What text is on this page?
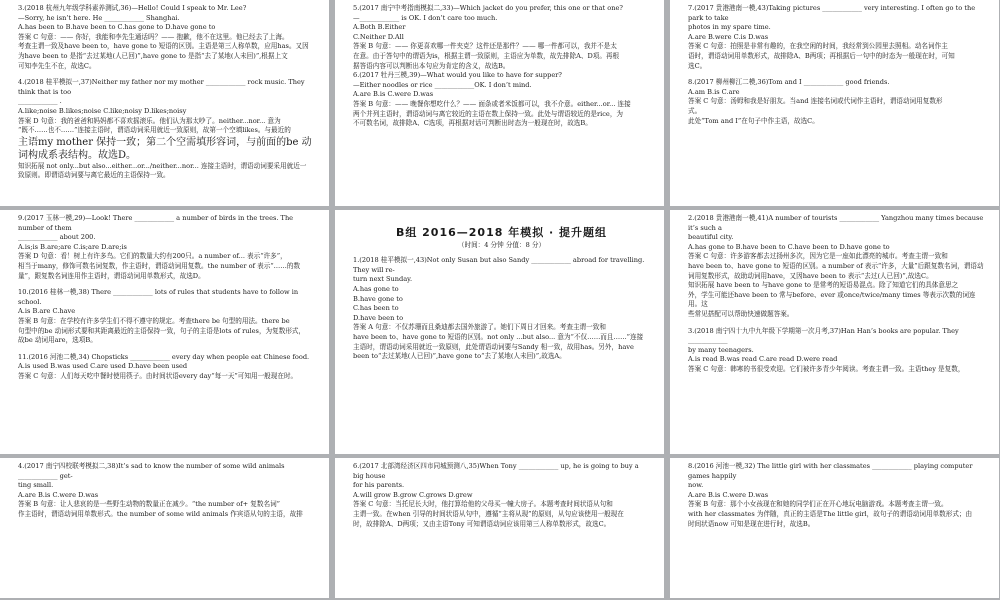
3.(2018 杭州九年级学科素养测试,36)—Hello! Could I speak to Mr. Lee?

—Sorry, he isn’t here. He ____________ Shanghai.

A.has been to B.have been to C.has gone to D.have gone to

答案 C 句意：—— 你好，我能和李先生通话吗？—— 抱歉，他不在这里。他已经去了上海。

考查主谓一致及have been to，have gone to 短语的区别。主语是第三人称单数，应用has。又因

为have been to 是指“去过某地(人已回)”,have gone to 是指“去了某地(人未回)”,根据上文

可知李先生不在，故选C。

4.(2018 桂平模拟一,37)Neither my father nor my mother ____________ rock music. They think that is too

____________ .

A.like;noise B.likes;noise C.like;noisy D.likes;noisy

答案 D 句意：我的爸爸和妈妈都不喜欢摇滚乐。他们认为那太吵了。neither...nor... 意为

“既不……也不……”连接主语时，谓语动词采用就近一致原则，故第一个空填likes。与最近的

主语my mother 保持一致；第二个空需填形容词，与前面的be 动词构成系表结构。故选D。

知识拓展 not only...but also...either...or.../neither...nor... 连接主语时，谓语动词要采用就近一

致原则。即谓语动词要与离它最近的主语保持一致。

5.(2017 南宁中考指南模拟二,33)—Which jacket do you prefer, this one or that one?

—____________ is OK. I don’t care too much.

A.Both B.Either

C.Neither D.All

答案 B 句意：—— 你更喜欢哪一件夹克？这件还是那件？—— 哪一件都可以，我并不是太

在意。由于答句中的谓语为is，根据主谓一致原则，主语应为单数，故先排除A、D项。再根

据答语内容可以判断出本句应为肯定的含义，故选B。

6.(2017 牡丹三模,39)—What would you like to have for supper?

—Either noodles or rice ____________OK. I don’t mind.

A.are B.is C.were D.was

答案 B 句意：—— 晚餐你想吃什么？—— 面条或者米饭都可以，我不介意。either...or... 连接

两个并列主语时，谓语动词与离它较近的主语在数上保持一致。此处与谓语较近的是rice，为

不可数名词，故排除A、C选项，再根据对话可判断出时态为一般现在时，故选B。

7.(2017 贵港港南一模,43)Taking pictures ____________ very interesting. I often go to the park to take

photos in my spare time.

A.are B.were C.is D.was

答案 C 句意：拍照是非常有趣的，在我空闲的时间，我经常到公园里去照相。动名词作主

语时，谓语动词用单数形式，故排除A、B两项；再根据后一句中的时态为一般现在时，可知

选C。

8.(2017 柳州柳江二模,36)Tom and I ____________ good friends.

A.am B.is C.are

答案 C 句意：汤姆和我是好朋友。当and 连接名词或代词作主语时，谓语动词用复数形

式。

此处“Tom and I”在句子中作主语，故选C。

9.(2017 玉林一模,29)—Look! There ____________ a number of birds in the trees. The number of them

____________ about 200.

A.is;is B.are;are C.is;are D.are;is

答案 D 句意：看！树上有许多鸟。它们的数量大约有200只。a number of... 表示“许多”，

相当于many，修饰可数名词复数，作主语时，谓语动词用复数。the number of 表示“……的数

量”，跟复数名词连用作主语时，谓语动词用单数形式，故选D。

10.(2016 桂林一模,38) There ____________ lots of rules that students have to follow in school.

A.is B.are C.have

答案 B 句意：在学校有许多学生们不得不遵守的规定。考查there be 句型的用法。there be

句型中的be 动词形式要和其距离最近的主语保持一致，句子的主语是lots of rules，为复数形式，

故be 动词用are，选项B。

11.(2016 河池二模,34) Chopsticks ____________ every day when people eat Chinese food.

A.is used B.was used C.are used D.have been used

答案 C 句意：人们每天吃中餐时使用筷子。由时间状语every day“每一天”可知用一般现在时。

B组 2016—2018 年模拟 · 提升题组
（时间：4 分钟 分值：8 分）

1.(2018 桂平模拟一,43)Not only Susan but also Sandy ____________ abroad for travelling. They will re-

turn next Sunday.

A.has gone to

B.have gone to

C.has been to

D.have been to

答案 A 句意：不仅苏珊而且桑迪都去国外旅游了。她们下周日才回来。考查主谓一致和

have been to、have gone to 短语的区别。not only ...but also... 意为“不仅……而且……”连接

主语时，谓语动词采用就近一致原则，此处谓语动词要与Sandy 相一致，故用has。另外，have

been to“去过某地(人已回)”,have gone to“去了某地(人未回)”,故选A。

2.(2018 贵港港南一模,41)A number of tourists ____________ Yangzhou many times because it’s such a

beautiful city.

A.has gone to B.have been to C.have been to D.have gone to

答案 C 句意：许多游客都去过扬州多次，因为它是一座如此漂亮的城市。考查主谓一致和

have been to、have gone to 短语的区别。a number of 表示“许多，大量”后跟复数名词，谓语动

词用复数形式，故助动词用have，又因have been to 表示“去过(人已回)”,故选C。

知识拓展 have been to 与have gone to 是常考的短语易混点。除了知道它们的具体意思之

外，学生可能还have been to 常与before、ever 或once/twice/many times 等表示次数的词连用。这

些常见搭配可以帮助快速做题答案。

3.(2018 南宁四十九中九年级下学期第一次月考,37)Han Han’s books are popular. They ____________

by many teenagers.

A.is read B.was read C.are read D.were read

答案 C 句意：韩寒的书很受欢迎。它们被许多青少年阅读。考查主谓一致。主语they 是复数，

4.(2017 南宁四校联考模拟二,38)It’s sad to know the number of some wild animals ____________ get-

ting small.

A.are B.is C.were D.was

答案 B 句意：让人悲哀的是一些野生动物的数量正在减少。“the number of+ 复数名词”

作主语时，谓语动词用单数形式。the number of some wild animals 作宾语从句的主语，故排

6.(2017 北部湾经济区四市同城预测八,35)When Tony ____________ up, he is going to buy a big house

for his parents.

A.will grow B.grow C.grows D.grew

答案 C 句意：当托尼长大时，他打算给他的父母买一幢大房子。本题考查时间状语从句和

主谓一致。在when 引导的时间状语从句中，遵循“主将从现”的原则，从句应该使用一般现在

时，故排除A、D两项；又由主语Tony 可知谓语动词应该用第三人称单数形式，故选C。

8.(2016 河池一模,32) The little girl with her classmates ____________ playing computer games happily

now.

A.are B.is C.were D.was

答案 B 句意：那个小女孩现在和她的同学们正在开心地玩电脑游戏。本题考查主谓一致。

with her classmates 为伴随，真正的主语是The little girl，故句子的谓语动词用单数形式；由

时间状语now 可知是现在进行时，故选B。
